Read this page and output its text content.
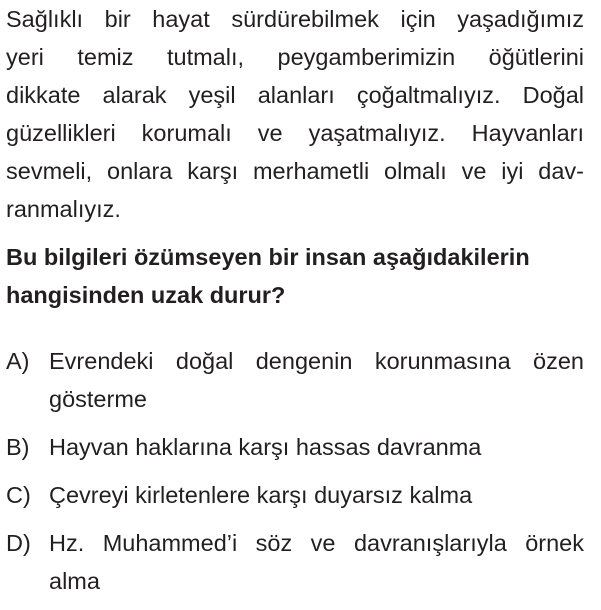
Sağlıklı bir hayat sürdürebilmek için yaşadığımız
yeri temiz tutmalı, peygamberimizin öğütlerini
dikkate alarak yeşil alanları çoğaltmalıyız. Doğal
güzellikleri korumalı ve yaşatmalıyız. Hayvanları
sevmeli, onlara karşı merhametli olmalı ve iyi dav-
ranmalıyız.
Bu bilgileri özümseyen bir insan aşağıdakilerin
hangisinden uzak durur?
A) Evrendeki doğal dengenin korunmasına özen
gösterme
B) Hayvan haklarına karşı hassas davranma
C) Çevreyi kirletenlere karşı duyarsız kalma
D) Hz. Muhammed’i söz ve davranışlarıyla örnek
alma
